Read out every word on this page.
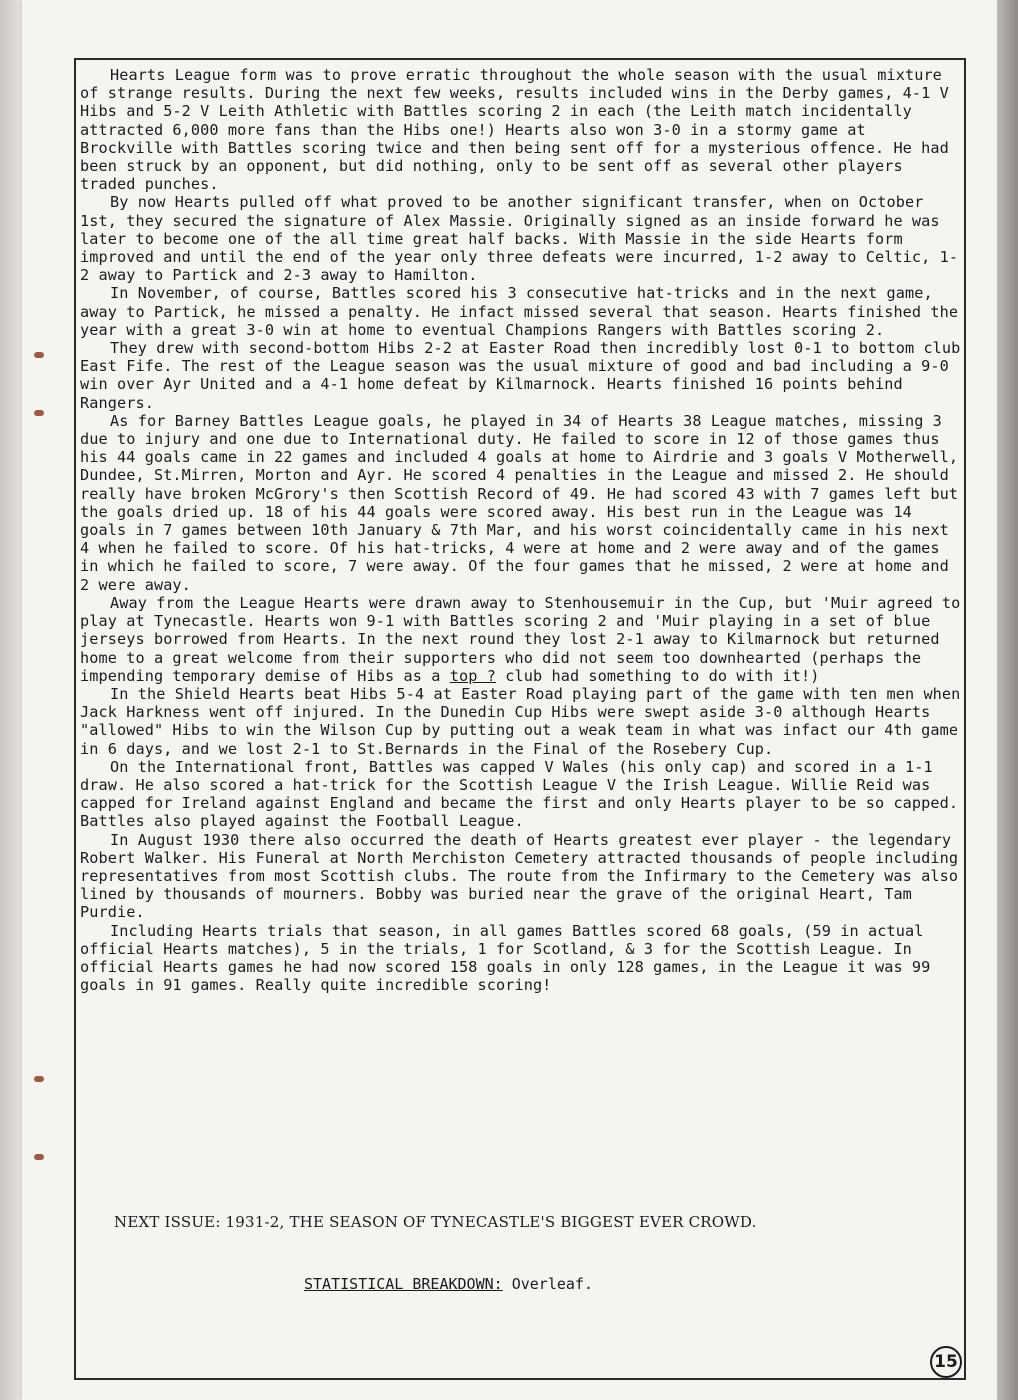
Hearts League form was to prove erratic throughout the whole season with the usual mixture of strange results. During the next few weeks, results included wins in the Derby games, 4-1 V Hibs and 5-2 V Leith Athletic with Battles scoring 2 in each (the Leith match incidentally attracted 6,000 more fans than the Hibs one!) Hearts also won 3-0 in a stormy game at Brockville with Battles scoring twice and then being sent off for a mysterious offence. He had been struck by an opponent, but did nothing, only to be sent off as several other players traded punches.

By now Hearts pulled off what proved to be another significant transfer, when on October 1st, they secured the signature of Alex Massie. Originally signed as an inside forward he was later to become one of the all time great half backs. With Massie in the side Hearts form improved and until the end of the year only three defeats were incurred, 1-2 away to Celtic, 1-2 away to Partick and 2-3 away to Hamilton.

In November, of course, Battles scored his 3 consecutive hat-tricks and in the next game, away to Partick, he missed a penalty. He infact missed several that season. Hearts finished the year with a great 3-0 win at home to eventual Champions Rangers with Battles scoring 2.

They drew with second-bottom Hibs 2-2 at Easter Road then incredibly lost 0-1 to bottom club East Fife. The rest of the League season was the usual mixture of good and bad including a 9-0 win over Ayr United and a 4-1 home defeat by Kilmarnock. Hearts finished 16 points behind Rangers.

As for Barney Battles League goals, he played in 34 of Hearts 38 League matches, missing 3 due to injury and one due to International duty. He failed to score in 12 of those games thus his 44 goals came in 22 games and included 4 goals at home to Airdrie and 3 goals V Motherwell, Dundee, St.Mirren, Morton and Ayr. He scored 4 penalties in the League and missed 2. He should really have broken McGrory's then Scottish Record of 49. He had scored 43 with 7 games left but the goals dried up. 18 of his 44 goals were scored away. His best run in the League was 14 goals in 7 games between 10th January & 7th Mar, and his worst coincidentally came in his next 4 when he failed to score. Of his hat-tricks, 4 were at home and 2 were away and of the games in which he failed to score, 7 were away. Of the four games that he missed, 2 were at home and 2 were away.

Away from the League Hearts were drawn away to Stenhousemuir in the Cup, but 'Muir agreed to play at Tynecastle. Hearts won 9-1 with Battles scoring 2 and 'Muir playing in a set of blue jerseys borrowed from Hearts. In the next round they lost 2-1 away to Kilmarnock but returned home to a great welcome from their supporters who did not seem too downhearted (perhaps the impending temporary demise of Hibs as a top ? club had something to do with it!)

In the Shield Hearts beat Hibs 5-4 at Easter Road playing part of the game with ten men when Jack Harkness went off injured. In the Dunedin Cup Hibs were swept aside 3-0 although Hearts "allowed" Hibs to win the Wilson Cup by putting out a weak team in what was infact our 4th game in 6 days, and we lost 2-1 to St.Bernards in the Final of the Rosebery Cup.

On the International front, Battles was capped V Wales (his only cap) and scored in a 1-1 draw. He also scored a hat-trick for the Scottish League V the Irish League. Willie Reid was capped for Ireland against England and became the first and only Hearts player to be so capped. Battles also played against the Football League.

In August 1930 there also occurred the death of Hearts greatest ever player - the legendary Robert Walker. His Funeral at North Merchiston Cemetery attracted thousands of people including representatives from most Scottish clubs. The route from the Infirmary to the Cemetery was also lined by thousands of mourners. Bobby was buried near the grave of the original Heart, Tam Purdie.

Including Hearts trials that season, in all games Battles scored 68 goals, (59 in actual official Hearts matches), 5 in the trials, 1 for Scotland, & 3 for the Scottish League. In official Hearts games he had now scored 158 goals in only 128 games, in the League it was 99 goals in 91 games. Really quite incredible scoring!

NEXT ISSUE: 1931-2, THE SEASON OF TYNECASTLE'S BIGGEST EVER CROWD.
STATISTICAL BREAKDOWN: Overleaf.
15
